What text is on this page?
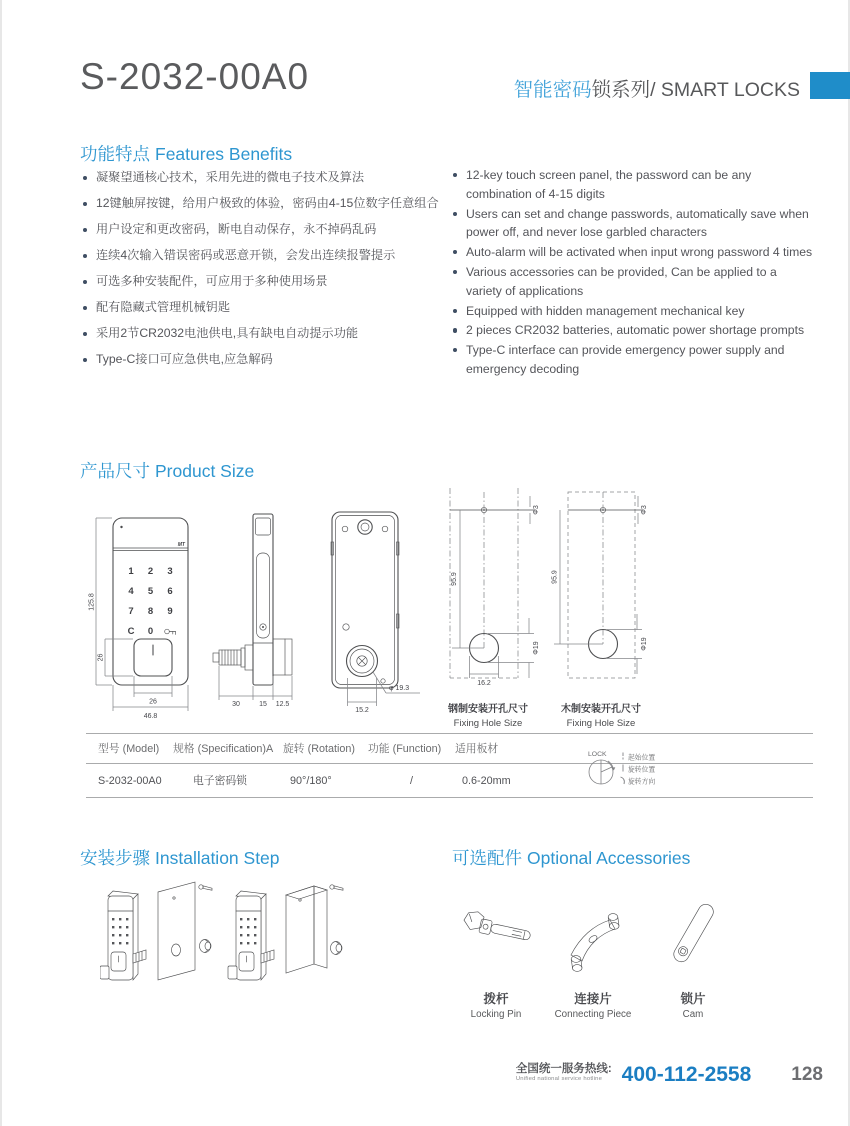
S-2032-00A0	智能密码锁系列/ SMART LOCKS
功能特点 Features Benefits
凝聚望通核心技术，采用先进的微电子技术及算法
12键触屏按键，给用户极致的体验，密码由4-15位数字任意组合
用户设定和更改密码，断电自动保存，永不掉码乱码
连续4次输入错误密码或恶意开锁，会发出连续报警提示
可选多种安装配件，可应用于多种使用场景
配有隐藏式管理机械钥匙
采用2节CR2032电池供电,具有缺电自动提示功能
Type-C接口可应急供电,应急解码
12-key touch screen panel, the password can be any combination of 4-15 digits
Users can set and change passwords, automatically save when power off, and never lose garbled characters
Auto-alarm will be activated when input wrong password 4 times
Various accessories can be provided, Can be applied to a variety of applications
Equipped with hidden management mechanical key
2 pieces CR2032 batteries, automatic power shortage prompts
Type-C interface can provide emergency power supply and emergency decoding
产品尺寸 Product Size
MT
1 2 3
4 5 6
7 8 9
C 0
125.8
26
26
46.8
30	15 12.5
15.2
φ 19.3
95.9
Φ3
Φ19
16.2
钢制安装开孔尺寸
Fixing Hole Size
95.9
Φ3
Φ19
木制安装开孔尺寸
Fixing Hole Size
型号 (Model)	规格 (Specification)A 旋转 (Rotation)	功能 (Function)	适用板材
S-2032-00A0	电子密码锁	90°/180°	/	0.6-20mm
LOCK	起始位置
旋转位置
旋转方向
安装步骤 Installation Step	可选配件 Optional Accessories
拨杆
Locking Pin
连接片
Connecting Piece
锁片
Cam
全国统一服务热线:
Unified national service hotline 400-112-2558 128
